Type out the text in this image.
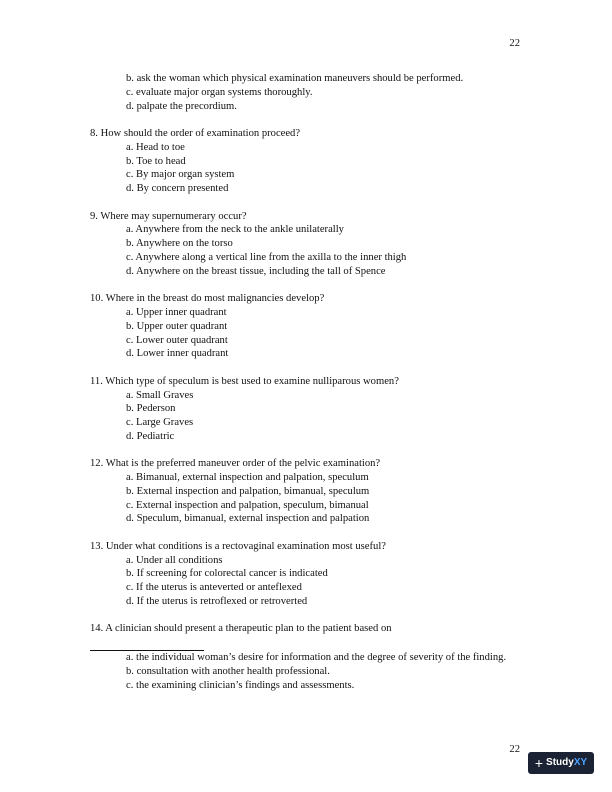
22
b. ask the woman which physical examination maneuvers should be performed.
c. evaluate major organ systems thoroughly.
d. palpate the precordium.
8. How should the order of examination proceed?
a. Head to toe
b. Toe to head
c. By major organ system
d. By concern presented
9. Where may supernumerary occur?
a. Anywhere from the neck to the ankle unilaterally
b. Anywhere on the torso
c. Anywhere along a vertical line from the axilla to the inner thigh
d. Anywhere on the breast tissue, including the tall of Spence
10. Where in the breast do most malignancies develop?
a. Upper inner quadrant
b. Upper outer quadrant
c. Lower outer quadrant
d. Lower inner quadrant
11. Which type of speculum is best used to examine nulliparous women?
a. Small Graves
b. Pederson
c. Large Graves
d. Pediatric
12. What is the preferred maneuver order of the pelvic examination?
a. Bimanual, external inspection and palpation, speculum
b. External inspection and palpation, bimanual, speculum
c. External inspection and palpation, speculum, bimanual
d. Speculum, bimanual, external inspection and palpation
13. Under what conditions is a rectovaginal examination most useful?
a. Under all conditions
b. If screening for colorectal cancer is indicated
c. If the uterus is anteverted or anteflexed
d. If the uterus is retroflexed or retroverted
14. A clinician should present a therapeutic plan to the patient based on
a. the individual woman’s desire for information and the degree of severity of the finding.
b. consultation with another health professional.
c. the examining clinician’s findings and assessments.
22
+ StudyXY
